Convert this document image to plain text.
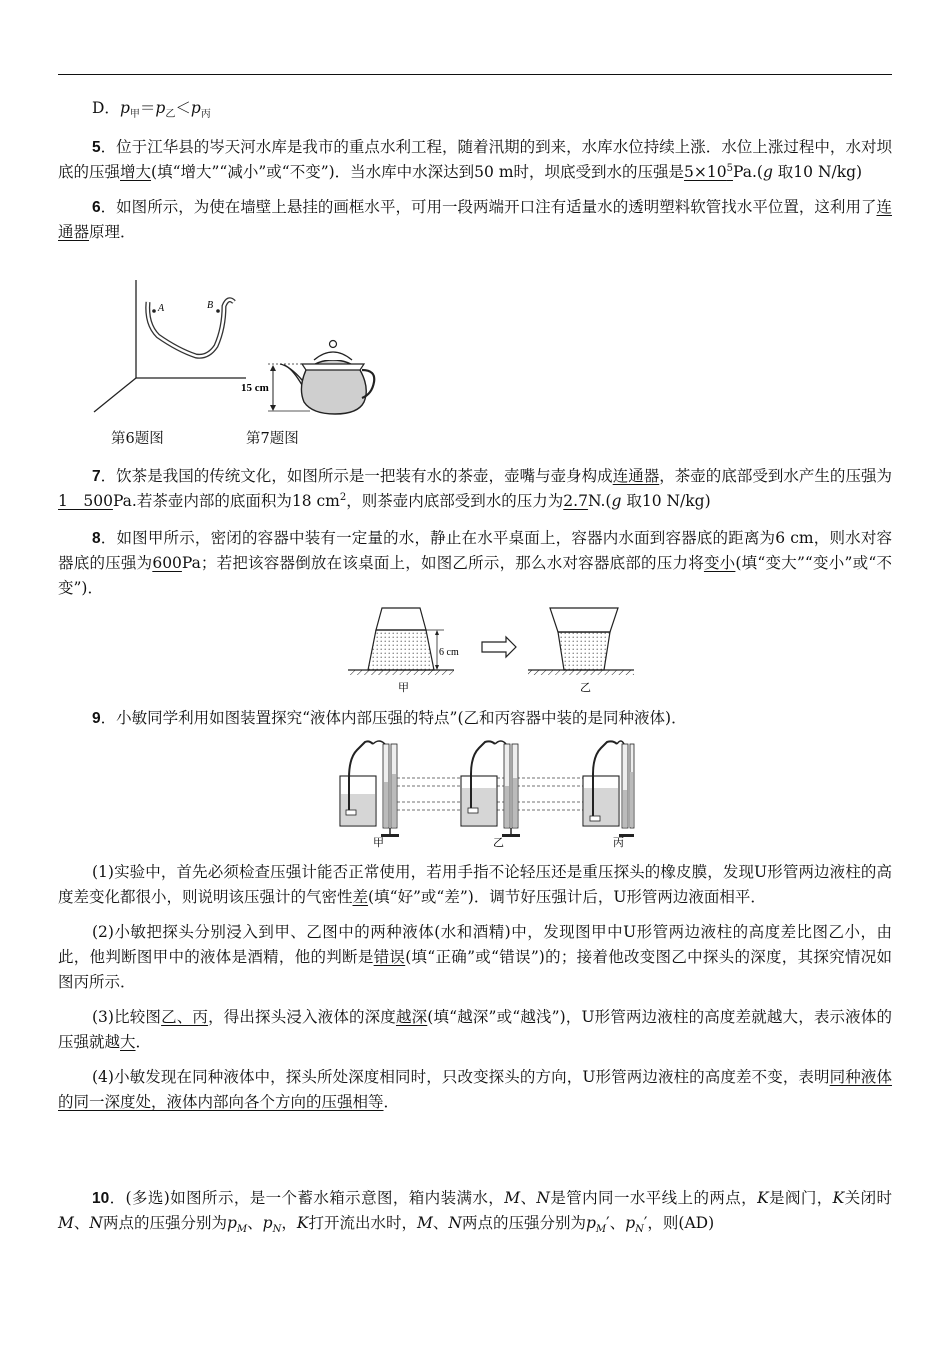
D．$p_甲=p_乙<p_丙$
5．位于江华县的岑天河水库是我市的重点水利工程，随着汛期的到来，水库水位持续上涨．水位上涨过程中，水对坝底的压强增大(填“增大”“减小”或“不变”)．当水库中水深达到50 m时，坝底受到水的压强是$5\times 10^5Pa.(g$ 取10 N/kg)
6．如图所示，为使在墙壁上悬挂的画框水平，可用一段两端开口注有适量水的透明塑料软管找水平位置，这利用了连通器原理．
A	B
15 cm
第6题图	第7题图
7．饮茶是我国的传统文化，如图所示是一把装有水的茶壶，壶嘴与壶身构成连通器，茶壶的底部受到水产生的压强为1　500Pa.若茶壶内部的底面积为18 $cm^2$，则茶壶内底部受到水的压力为2.7N.(g 取10 N/kg)
8．如图甲所示，密闭的容器中装有一定量的水，静止在水平桌面上，容器内水面到容器底的距离为6 cm，则水对容器底的压强为600Pa；若把该容器倒放在该桌面上，如图乙所示，那么水对容器底部的压力将变小(填“变大”“变小”或“不变”)．
6 cm
甲	乙
9．小敏同学利用如图装置探究“液体内部压强的特点”(乙和丙容器中装的是同种液体)．
甲	乙	丙
(1)实验中，首先必须检查压强计能否正常使用，若用手指不论轻压还是重压探头的橡皮膜，发现U形管两边液柱的高度差变化都很小，则说明该压强计的气密性差(填“好”或“差”)．调节好压强计后，U形管两边液面相平．
(2)小敏把探头分别浸入到甲、乙图中的两种液体(水和酒精)中，发现图甲中U形管两边液柱的高度差比图乙小，由此，他判断图甲中的液体是酒精，他的判断是错误(填“正确”或“错误”)的；接着他改变图乙中探头的深度，其探究情况如图丙所示．
(3)比较图乙、丙，得出探头浸入液体的深度越深(填“越深”或“越浅”)，U形管两边液柱的高度差就越大，表示液体的压强就越大．
(4)小敏发现在同种液体中，探头所处深度相同时，只改变探头的方向，U形管两边液柱的高度差不变，表明同种液体的同一深度处，液体内部向各个方向的压强相等．
10．(多选)如图所示，是一个蓄水箱示意图，箱内装满水，M、N是管内同一水平线上的两点，K是阀门，K关闭时M、N两点的压强分别为$p_M$、$p_N$，K打开流出水时，M、N两点的压强分别为$p_M'$、$p_N'$，则(AD)
